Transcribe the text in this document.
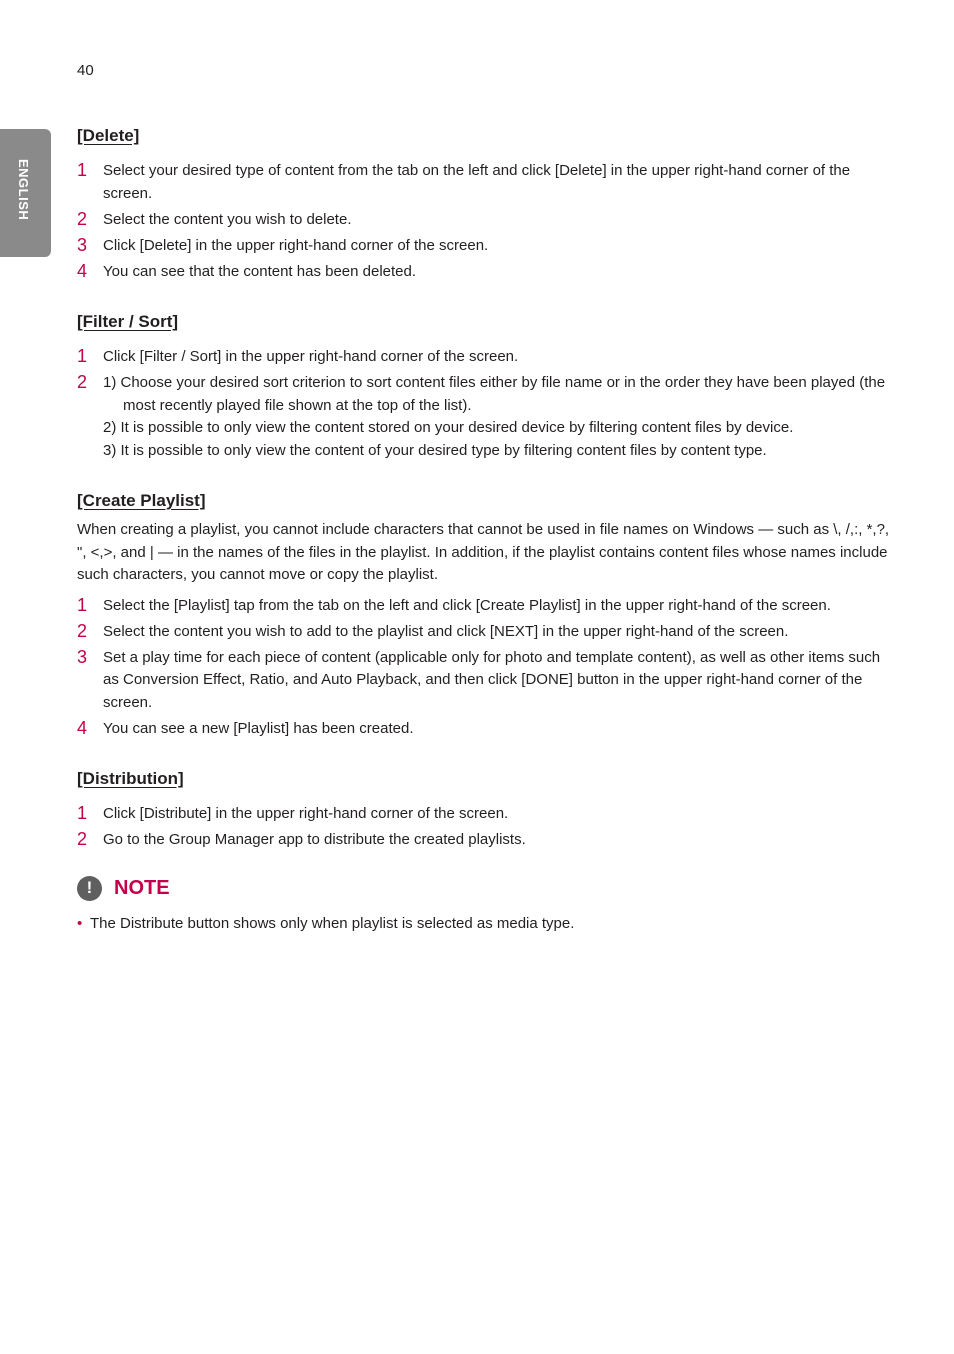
40
ENGLISH
[Delete]
1 Select your desired type of content from the tab on the left and click [Delete] in the upper right-hand corner of the screen.
2 Select the content you wish to delete.
3 Click [Delete] in the upper right-hand corner of the screen.
4 You can see that the content has been deleted.
[Filter / Sort]
1 Click [Filter / Sort] in the upper right-hand corner of the screen.
2 1) Choose your desired sort criterion to sort content files either by file name or in the order they have been played (the most recently played file shown at the top of the list).
2) It is possible to only view the content stored on your desired device by filtering content files by device.
3) It is possible to only view the content of your desired type by filtering content files by content type.
[Create Playlist]

When creating a playlist, you cannot include characters that cannot be used in file names on Windows — such as \, /,:, *,?, ", <,>, and | — in the names of the files in the playlist. In addition, if the playlist contains content files whose names include such characters, you cannot move or copy the playlist.

1 Select the [Playlist] tap from the tab on the left and click [Create Playlist] in the upper right-hand of the screen.
2 Select the content you wish to add to the playlist and click [NEXT] in the upper right-hand of the screen.
3 Set a play time for each piece of content (applicable only for photo and template content), as well as other items such as Conversion Effect, Ratio, and Auto Playback, and then click [DONE] button in the upper right-hand corner of the screen.
4 You can see a new [Playlist] has been created.
[Distribution]
1 Click [Distribute] in the upper right-hand corner of the screen.
2 Go to the Group Manager app to distribute the created playlists.
!	NOTE
• The Distribute button shows only when playlist is selected as media type.
